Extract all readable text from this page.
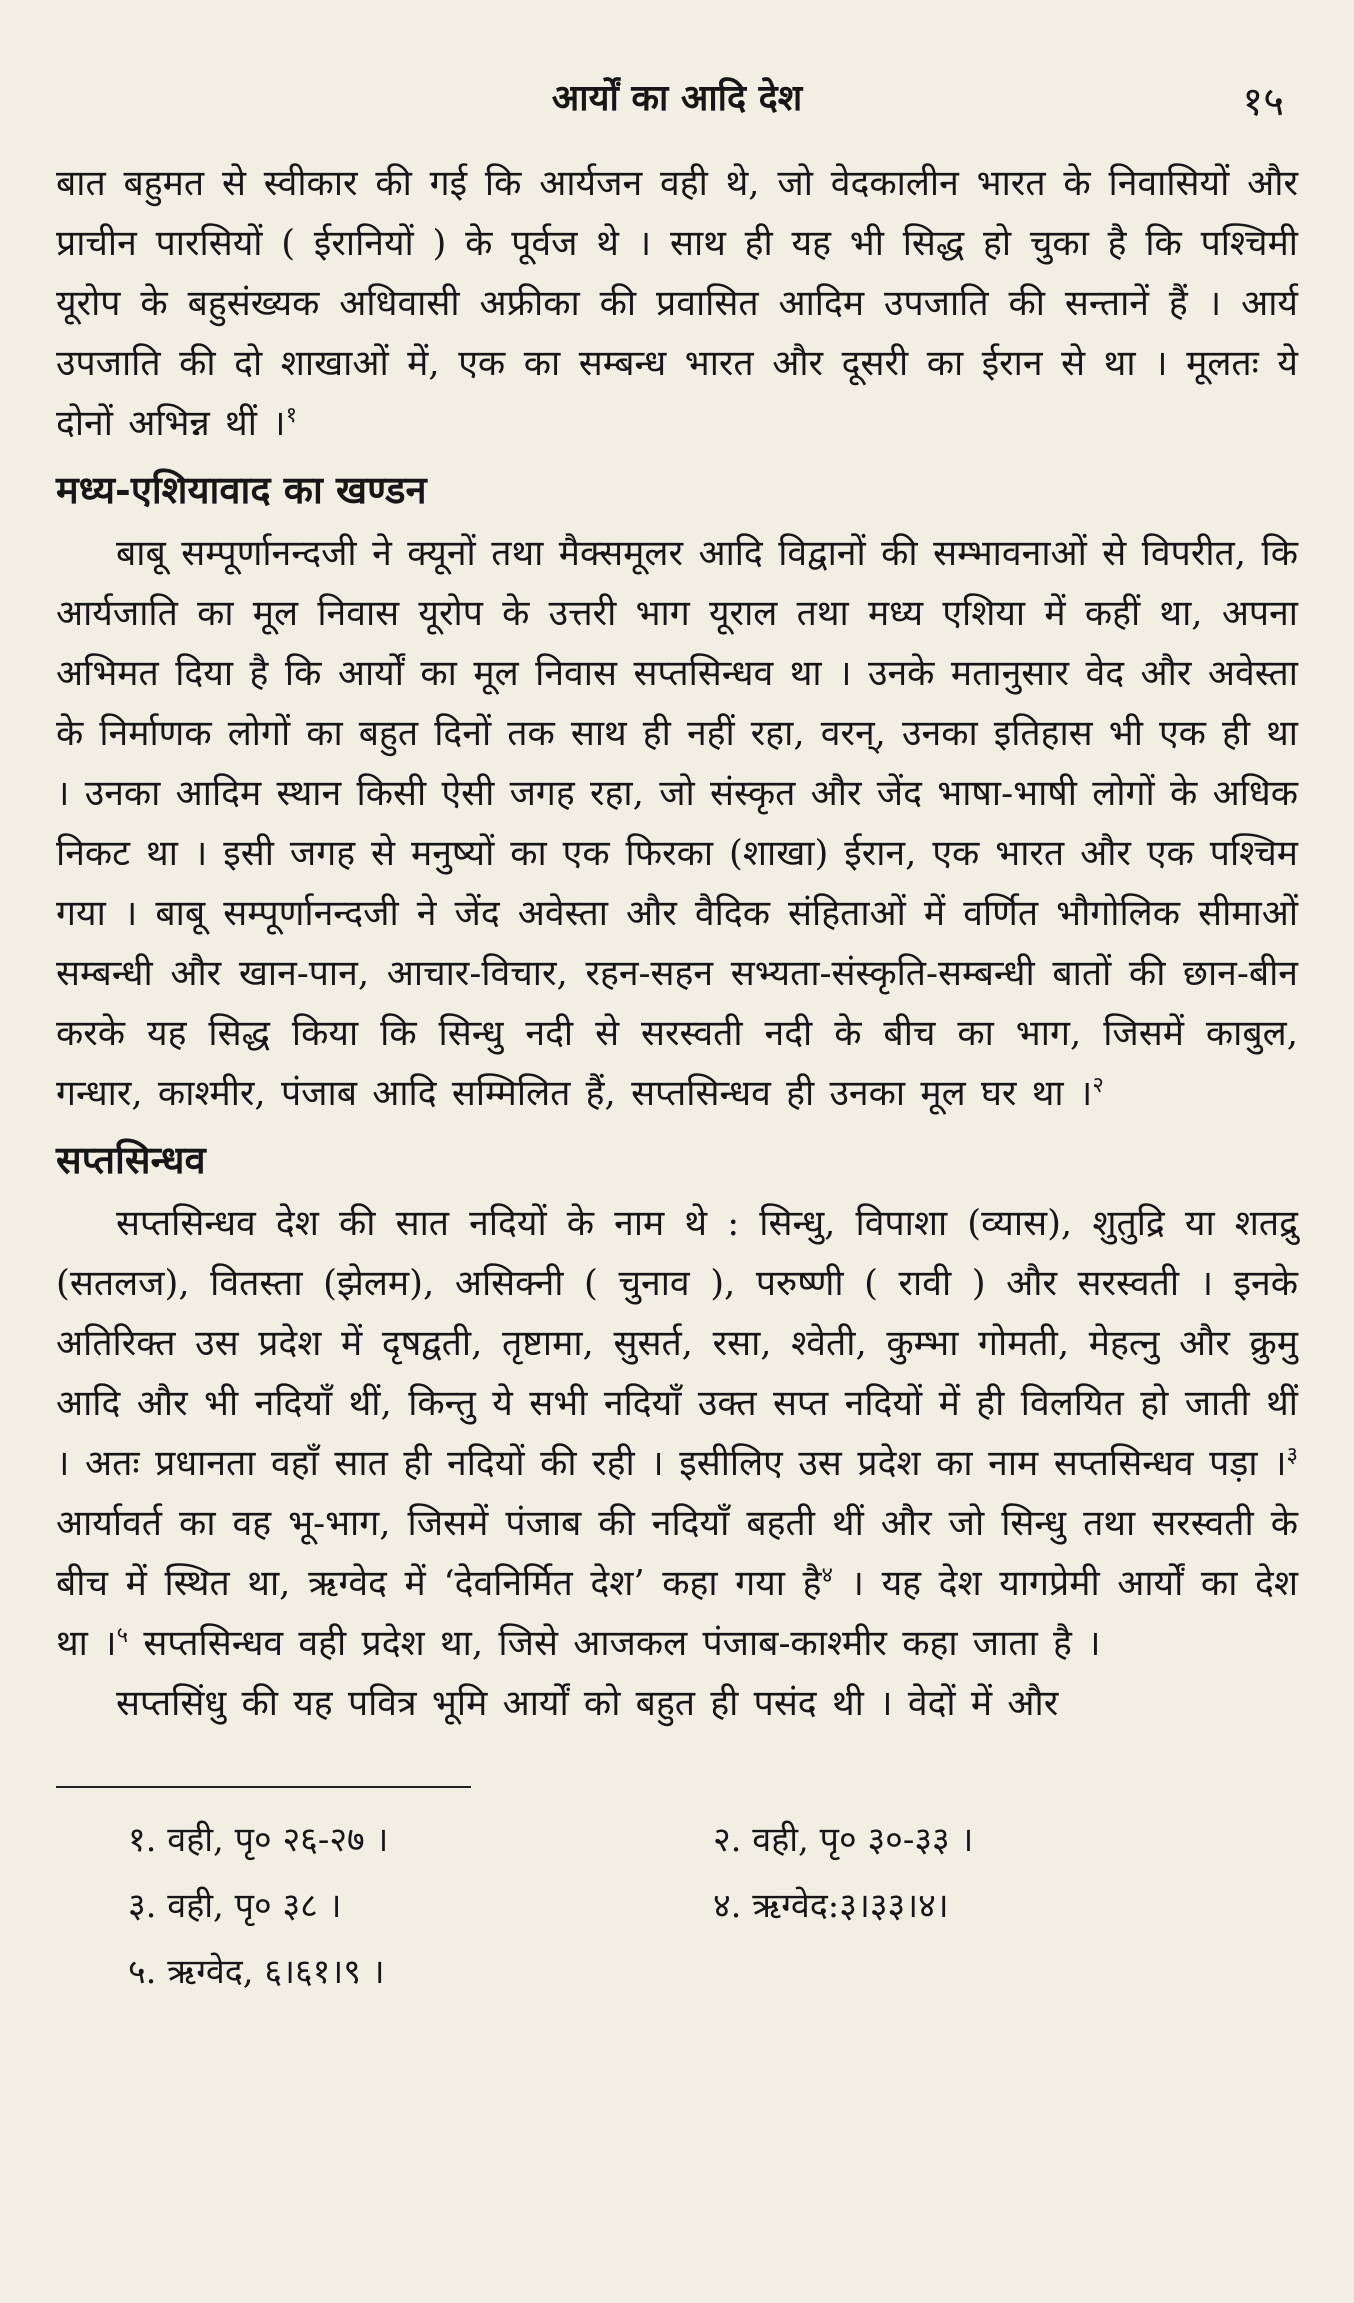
आर्यों का आदि देश	१५

बात बहुमत से स्वीकार की गई कि आर्यजन वही थे, जो वेदकालीन भारत के निवासियों और प्राचीन पारसियों ( ईरानियों ) के पूर्वज थे । साथ ही यह भी सिद्ध हो चुका है कि पश्चिमी यूरोप के बहुसंख्यक अधिवासी अफ्रीका की प्रवासित आदिम उपजाति की सन्तानें हैं । आर्य उपजाति की दो शाखाओं में, एक का सम्बन्ध भारत और दूसरी का ईरान से था । मूलतः ये दोनों अभिन्न थीं ।$^१$

मध्य-एशियावाद का खण्डन

बाबू सम्पूर्णानन्दजी ने क्यूनों तथा मैक्समूलर आदि विद्वानों की सम्भावनाओं से विपरीत, कि आर्यजाति का मूल निवास यूरोप के उत्तरी भाग यूराल तथा मध्य एशिया में कहीं था, अपना अभिमत दिया है कि आर्यों का मूल निवास सप्तसिन्धव था । उनके मतानुसार वेद और अवेस्ता के निर्माणक लोगों का बहुत दिनों तक साथ ही नहीं रहा, वरन्, उनका इतिहास भी एक ही था । उनका आदिम स्थान किसी ऐसी जगह रहा, जो संस्कृत और जेंद भाषा-भाषी लोगों के अधिक निकट था । इसी जगह से मनुष्यों का एक फिरका (शाखा) ईरान, एक भारत और एक पश्चिम गया । बाबू सम्पूर्णानन्दजी ने जेंद अवेस्ता और वैदिक संहिताओं में वर्णित भौगोलिक सीमाओं सम्बन्धी और खान-पान, आचार-विचार, रहन-सहन सभ्यता-संस्कृति-सम्बन्धी बातों की छान-बीन करके यह सिद्ध किया कि सिन्धु नदी से सरस्वती नदी के बीच का भाग, जिसमें काबुल, गन्धार, काश्मीर, पंजाब आदि सम्मिलित हैं, सप्तसिन्धव ही उनका मूल घर था ।$^२$

सप्तसिन्धव

सप्तसिन्धव देश की सात नदियों के नाम थे : सिन्धु, विपाशा (व्यास), शुतुद्रि या शतद्रु (सतलज), वितस्ता (झेलम), असिक्नी ( चुनाव ), परुष्णी ( रावी ) और सरस्वती । इनके अतिरिक्त उस प्रदेश में दृषद्वती, तृष्टामा, सुसर्त, रसा, श्वेती, कुम्भा गोमती, मेहत्नु और क्रुमु आदि और भी नदियाँ थीं, किन्तु ये सभी नदियाँ उक्त सप्त नदियों में ही विलयित हो जाती थीं । अतः प्रधानता वहाँ सात ही नदियों की रही । इसीलिए उस प्रदेश का नाम सप्तसिन्धव पड़ा ।$^३$ आर्यावर्त का वह भू-भाग, जिसमें पंजाब की नदियाँ बहती थीं और जो सिन्धु तथा सरस्वती के बीच में स्थित था, ऋग्वेद में ‘देवनिर्मित देश’ कहा गया है$^४$ । यह देश यागप्रेमी आर्यों का देश था ।$^५$ सप्तसिन्धव वही प्रदेश था, जिसे आजकल पंजाब-काश्मीर कहा जाता है ।

सप्तसिंधु की यह पवित्र भूमि आर्यों को बहुत ही पसंद थी । वेदों में और

१. वही, पृ० २६-२७ ।	२. वही, पृ० ३०-३३ ।
३. वही, पृ० ३८ ।	४. ऋग्वेद:३।३३।४।
५. ऋग्वेद, ६।६१।९ ।
